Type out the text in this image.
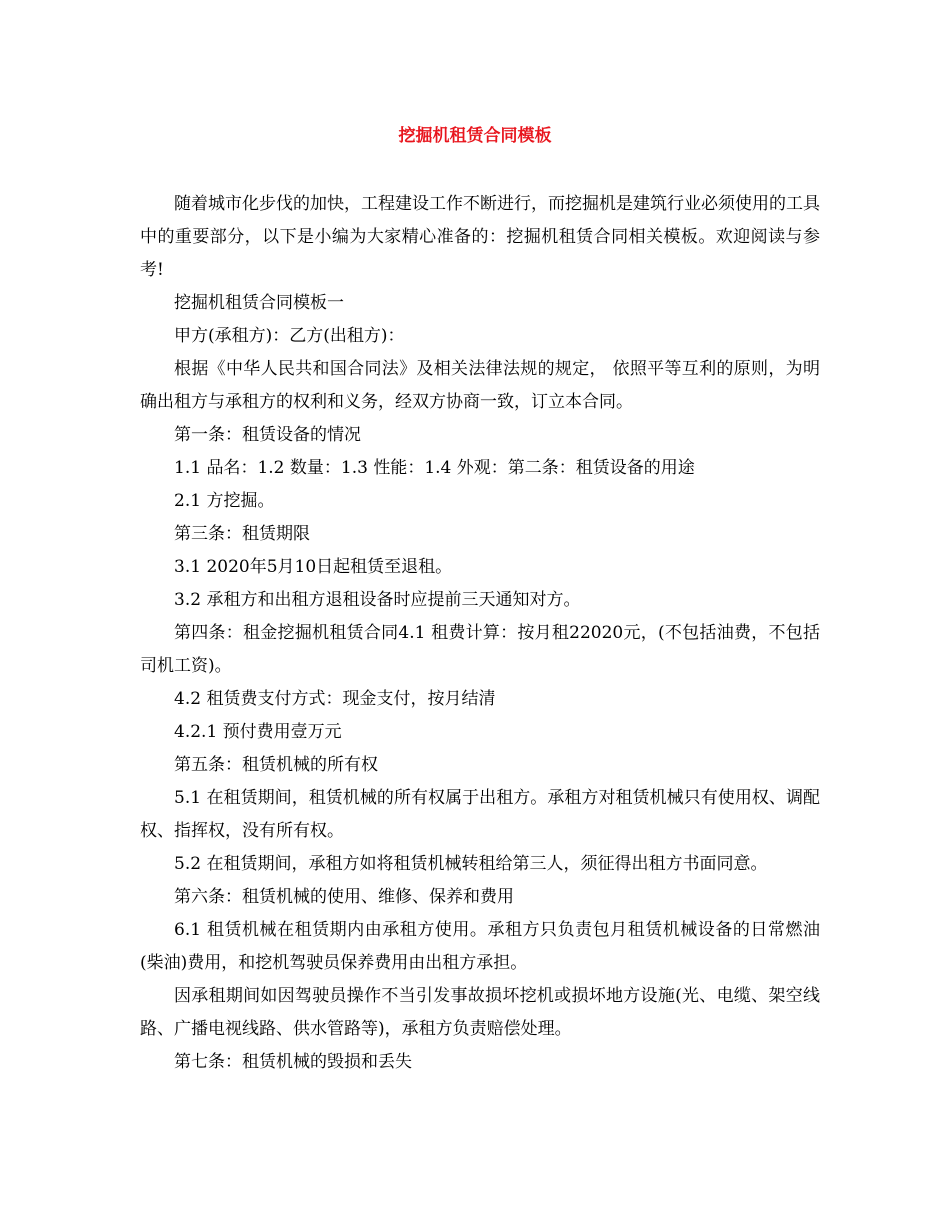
挖掘机租赁合同模板

随着城市化步伐的加快，工程建设工作不断进行，而挖掘机是建筑行业必须使用的工具中的重要部分，以下是小编为大家精心准备的：挖掘机租赁合同相关模板。欢迎阅读与参考!

挖掘机租赁合同模板一

甲方(承租方)：乙方(出租方)：

根据《中华人民共和国合同法》及相关法律法规的规定， 依照平等互利的原则，为明确出租方与承租方的权利和义务，经双方协商一致，订立本合同。

第一条：租赁设备的情况

1.1 品名：1.2 数量：1.3 性能：1.4 外观：第二条：租赁设备的用途

2.1 方挖掘。

第三条：租赁期限

3.1 2020年5月10日起租赁至退租。

3.2 承租方和出租方退租设备时应提前三天通知对方。

第四条：租金挖掘机租赁合同4.1 租费计算：按月租22020元，(不包括油费，不包括司机工资)。

4.2 租赁费支付方式：现金支付，按月结清

4.2.1 预付费用壹万元

第五条：租赁机械的所有权

5.1 在租赁期间，租赁机械的所有权属于出租方。承租方对租赁机械只有使用权、调配权、指挥权，没有所有权。

5.2 在租赁期间，承租方如将租赁机械转租给第三人，须征得出租方书面同意。

第六条：租赁机械的使用、维修、保养和费用

6.1 租赁机械在租赁期内由承租方使用。承租方只负责包月租赁机械设备的日常燃油(柴油)费用，和挖机驾驶员保养费用由出租方承担。

因承租期间如因驾驶员操作不当引发事故损坏挖机或损坏地方设施(光、电缆、架空线路、广播电视线路、供水管路等)，承租方负责赔偿处理。

第七条：租赁机械的毁损和丢失
